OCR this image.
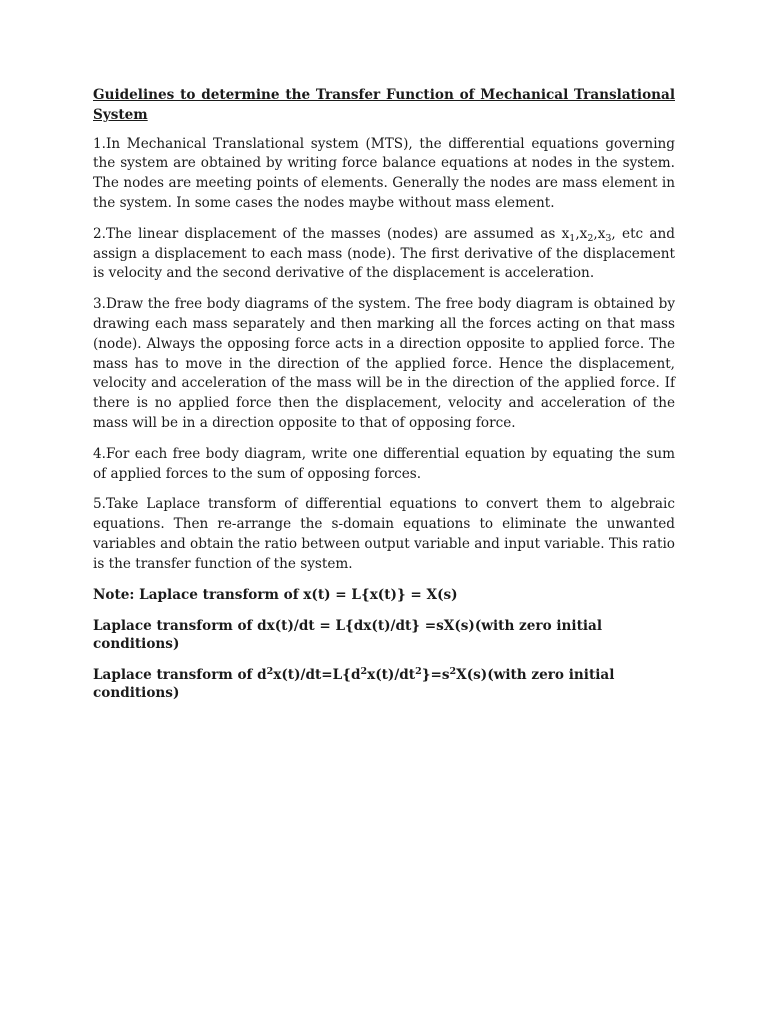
Guidelines to determine the Transfer Function of Mechanical Translational System
1.In Mechanical Translational system (MTS), the differential equations governing the system are obtained by writing force balance equations at nodes in the system. The nodes are meeting points of elements. Generally the nodes are mass element in the system. In some cases the nodes maybe without mass element.
2.The linear displacement of the masses (nodes) are assumed as $x_1,x_2,x_3$, etc and assign a displacement to each mass (node). The first derivative of the displacement is velocity and the second derivative of the displacement is acceleration.
3.Draw the free body diagrams of the system. The free body diagram is obtained by drawing each mass separately and then marking all the forces acting on that mass (node). Always the opposing force acts in a direction opposite to applied force. The mass has to move in the direction of the applied force. Hence the displacement, velocity and acceleration of the mass will be in the direction of the applied force. If there is no applied force then the displacement, velocity and acceleration of the mass will be in a direction opposite to that of opposing force.
4.For each free body diagram, write one differential equation by equating the sum of applied forces to the sum of opposing forces.
5.Take Laplace transform of differential equations to convert them to algebraic equations. Then re-arrange the s-domain equations to eliminate the unwanted variables and obtain the ratio between output variable and input variable. This ratio is the transfer function of the system.
Note: Laplace transform of x(t) = L{x(t)} = X(s)
Laplace transform of dx(t)/dt = L{dx(t)/dt} =sX(s)(with zero initial conditions)
Laplace transform of $d^2x(t)/dt=L\{d^2x(t)/dt^2\}=s^2X(s)(with$ zero initial conditions)
